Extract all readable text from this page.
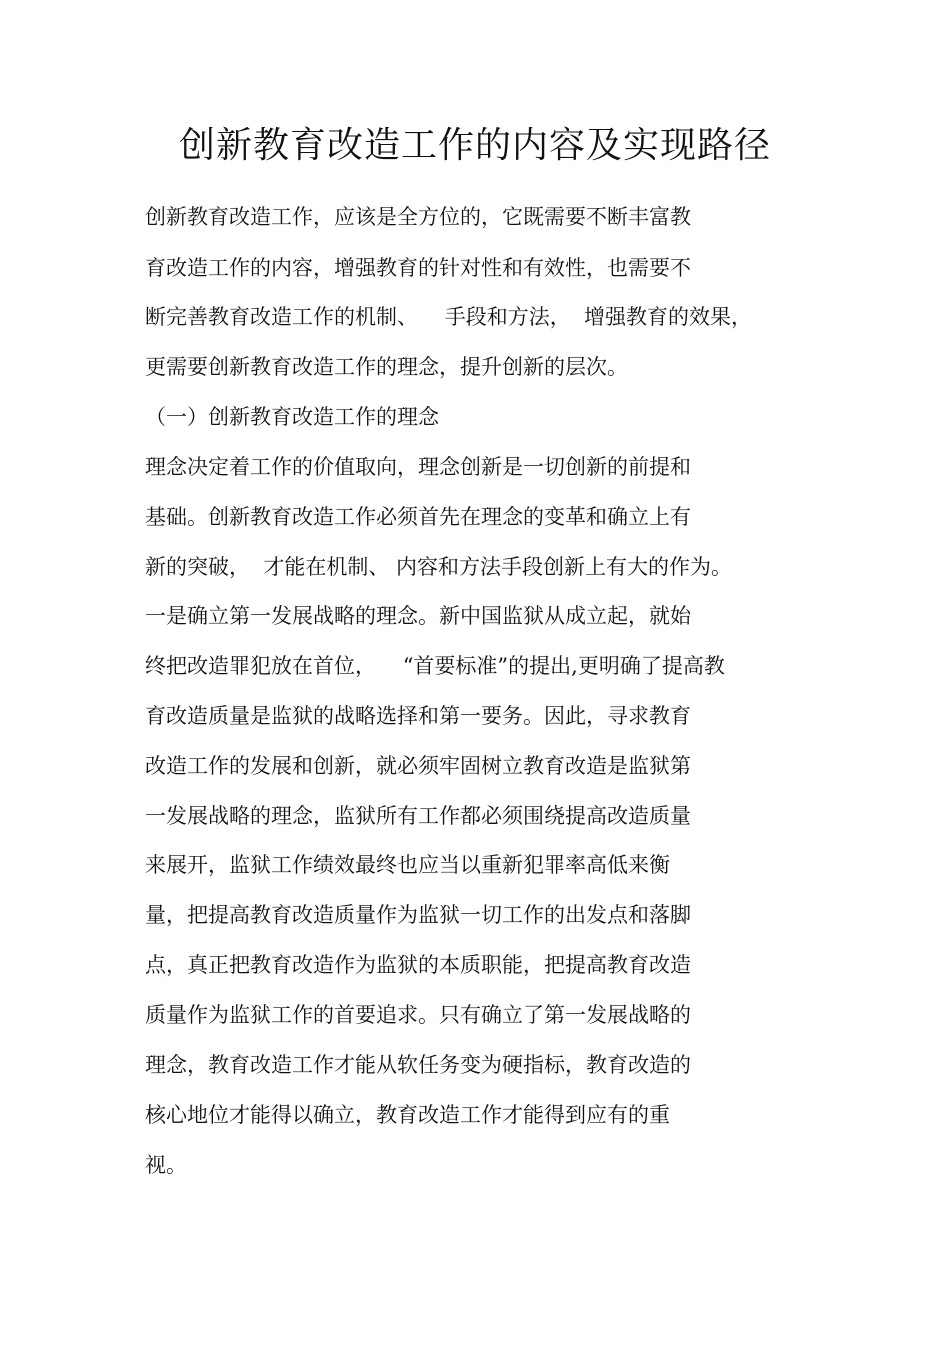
创新教育改造工作的内容及实现路径

创新教育改造工作，应该是全方位的，它既需要不断丰富教

育改造工作的内容，增强教育的针对性和有效性，也需要不

断完善教育改造工作的机制、    手段和方法，  增强教育的效果，

更需要创新教育改造工作的理念，提升创新的层次。

（一）创新教育改造工作的理念

理念决定着工作的价值取向，理念创新是一切创新的前提和

基础。创新教育改造工作必须首先在理念的变革和确立上有

新的突破，  才能在机制、 内容和方法手段创新上有大的作为。

一是确立第一发展战略的理念。新中国监狱从成立起，就始

终把改造罪犯放在首位，    “首要标准”的提出,更明确了提高教

育改造质量是监狱的战略选择和第一要务。因此，寻求教育

改造工作的发展和创新，就必须牢固树立教育改造是监狱第

一发展战略的理念，监狱所有工作都必须围绕提高改造质量

来展开，监狱工作绩效最终也应当以重新犯罪率高低来衡

量，把提高教育改造质量作为监狱一切工作的出发点和落脚

点，真正把教育改造作为监狱的本质职能，把提高教育改造

质量作为监狱工作的首要追求。只有确立了第一发展战略的

理念，教育改造工作才能从软任务变为硬指标，教育改造的

核心地位才能得以确立，教育改造工作才能得到应有的重

视。
